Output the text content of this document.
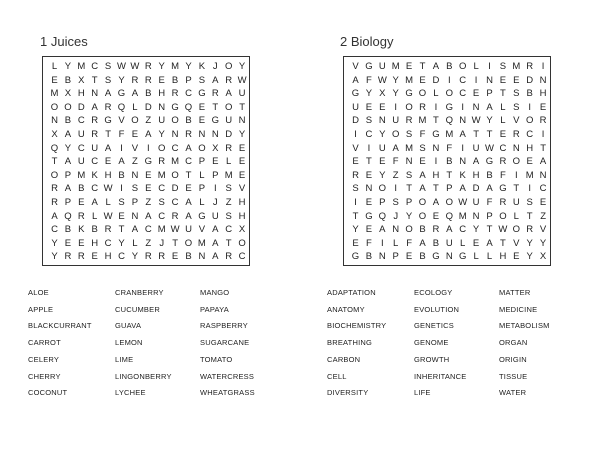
1 Juices
L Y M C S W W R Y M Y K J O Y
E B X T S Y R R E B P S A R W
M X H N A G A B H R C G R A U
O O D A R Q L D N G Q E T O T
N B C R G V O Z U O B E G U N
X A U R T F E A Y N R N N D Y
Q Y C U A I V I O C A O X R E
T A U C E A Z G R M C P E L E
O P M K H B N E M O T L P M E
R A B C W I S E C D E P I S V
R P E A L S P Z S C A L J Z H
A Q R L W E N A C R A G U S H
C B K B R T A C M W U V A C X
Y E E H C Y L Z J T O M A T O
Y R R E H C Y R R E B N A R C
ALOE
APPLE
BLACKCURRANT
CARROT
CELERY
CHERRY
COCONUT
CRANBERRY
CUCUMBER
GUAVA
LEMON
LIME
LINGONBERRY
LYCHEE
MANGO
PAPAYA
RASPBERRY
SUGARCANE
TOMATO
WATERCRESS
WHEATGRASS
2 Biology
V G U M E T A B O L I S M R I
A F W Y M E D I C I N E E D N
G Y X Y G O L O C E P T S B H
U E E I O R I G I N A L S I E
D S N U R M T Q N W Y L V O R
I C Y O S F G M A T T E R C I
V I U A M S N F I U W C N H T
E T E F N E I B N A G R O E A
R E Y Z S A H T K H B F I M N
S N O I T A T P A D A G T I C
I E P S P O A O W U F R U S E
T G Q J Y O E Q M N P O L T Z
Y E A N O B R A C Y T W O R V
E F I L F A B U L E A T V Y Y
G B N P E B G N G L L H E Y X
ADAPTATION
ANATOMY
BIOCHEMISTRY
BREATHING
CARBON
CELL
DIVERSITY
ECOLOGY
EVOLUTION
GENETICS
GENOME
GROWTH
INHERITANCE
LIFE
MATTER
MEDICINE
METABOLISM
ORGAN
ORIGIN
TISSUE
WATER
